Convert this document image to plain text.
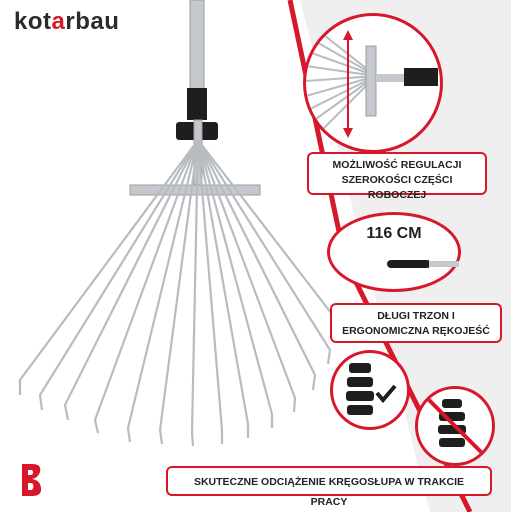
kotarbau
MOŻLIWOŚĆ REGULACJI SZEROKOŚCI CZĘŚCI ROBOCZEJ
116 CM
DŁUGI TRZON I ERGONOMICZNA RĘKOJEŚĆ
SKUTECZNE ODCIĄŻENIE KRĘGOSŁUPA W TRAKCIE PRACY
